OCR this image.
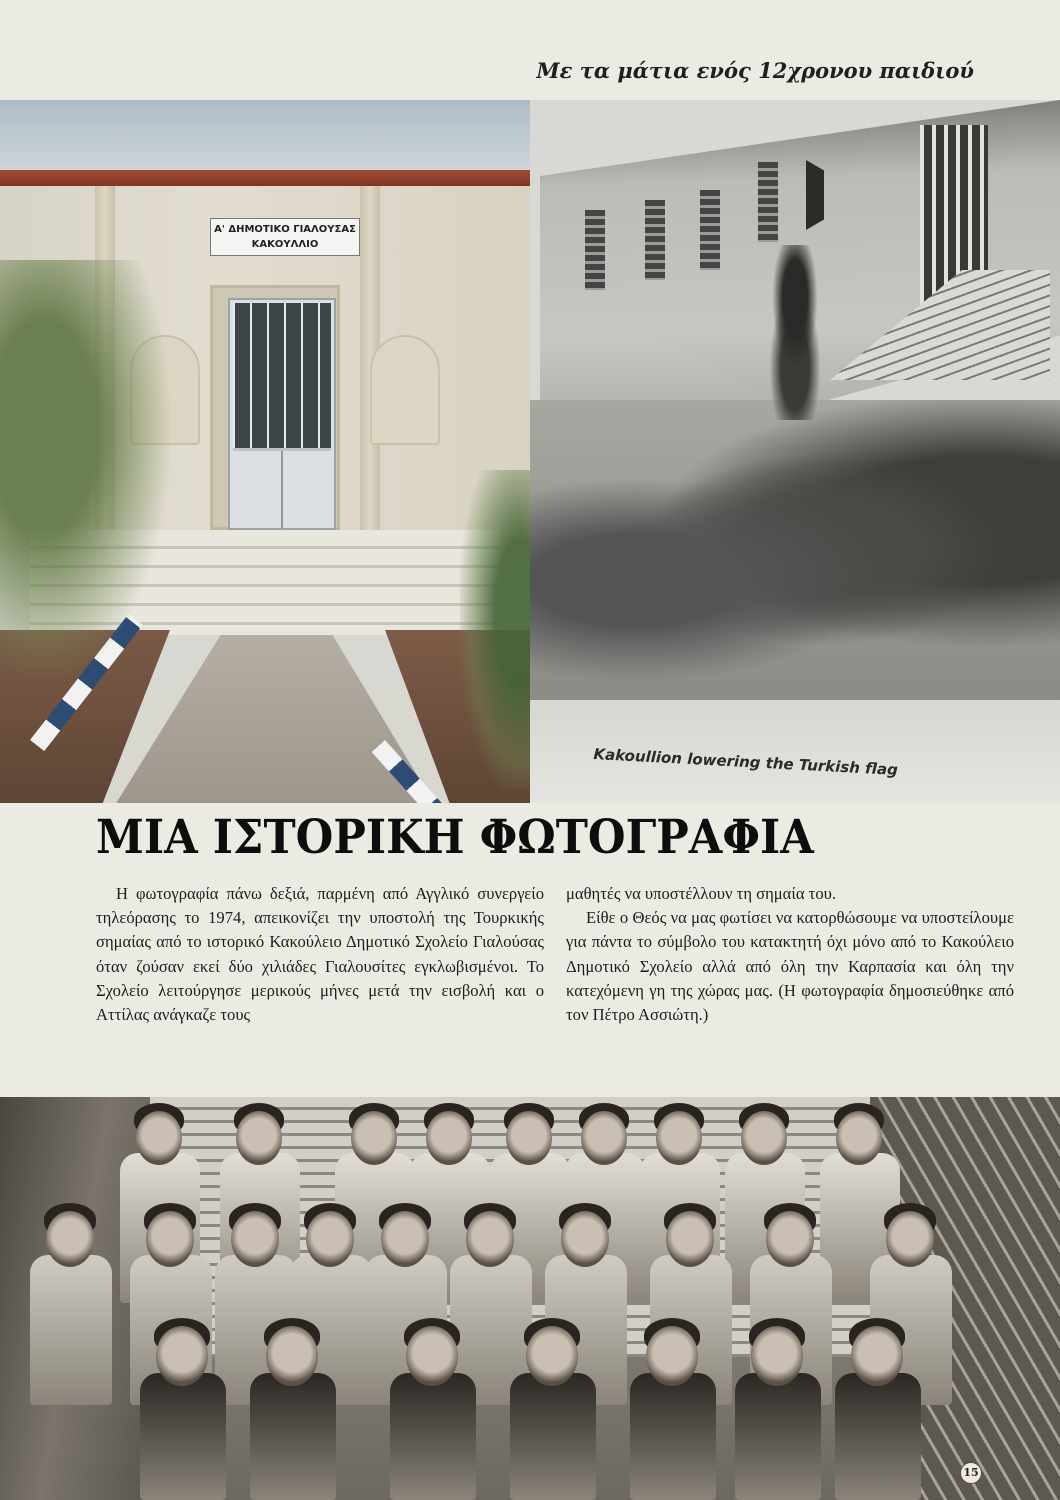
Με τα μάτια ενός 12χρονου παιδιού
Α' ΔΗΜΟΤΙΚΟ ΓΙΑΛΟΥΣΑΣ
ΚΑΚΟΥΛΛΙΟ
Kakoullion lowering the Turkish flag
ΜΙΑ ΙΣΤΟΡΙΚΗ ΦΩΤΟΓΡΑΦΙΑ

Η φωτογραφία πάνω δεξιά, παρμένη από Αγγλικό συνεργείο τηλεόρασης το 1974, απεικονίζει την υποστολή της Τουρκικής σημαίας από το ιστορικό Κακούλειο Δημοτικό Σχολείο Γιαλούσας όταν ζούσαν εκεί δύο χιλιάδες Γιαλουσίτες εγκλωβισμένοι. Το Σχολείο λειτούργησε μερικούς μήνες μετά την εισβολή και ο Αττίλας ανάγκαζε τους

μαθητές να υποστέλλουν τη σημαία του.

Είθε ο Θεός να μας φωτίσει να κατορθώσουμε να υποστείλουμε για πάντα το σύμβολο του κατακτητή όχι μόνο από το Κακούλειο Δημοτικό Σχολείο αλλά από όλη την Καρπασία και όλη την κατεχόμενη γη της χώρας μας. (Η φωτογραφία δημοσιεύθηκε από τον Πέτρο Ασσιώτη.)

15
